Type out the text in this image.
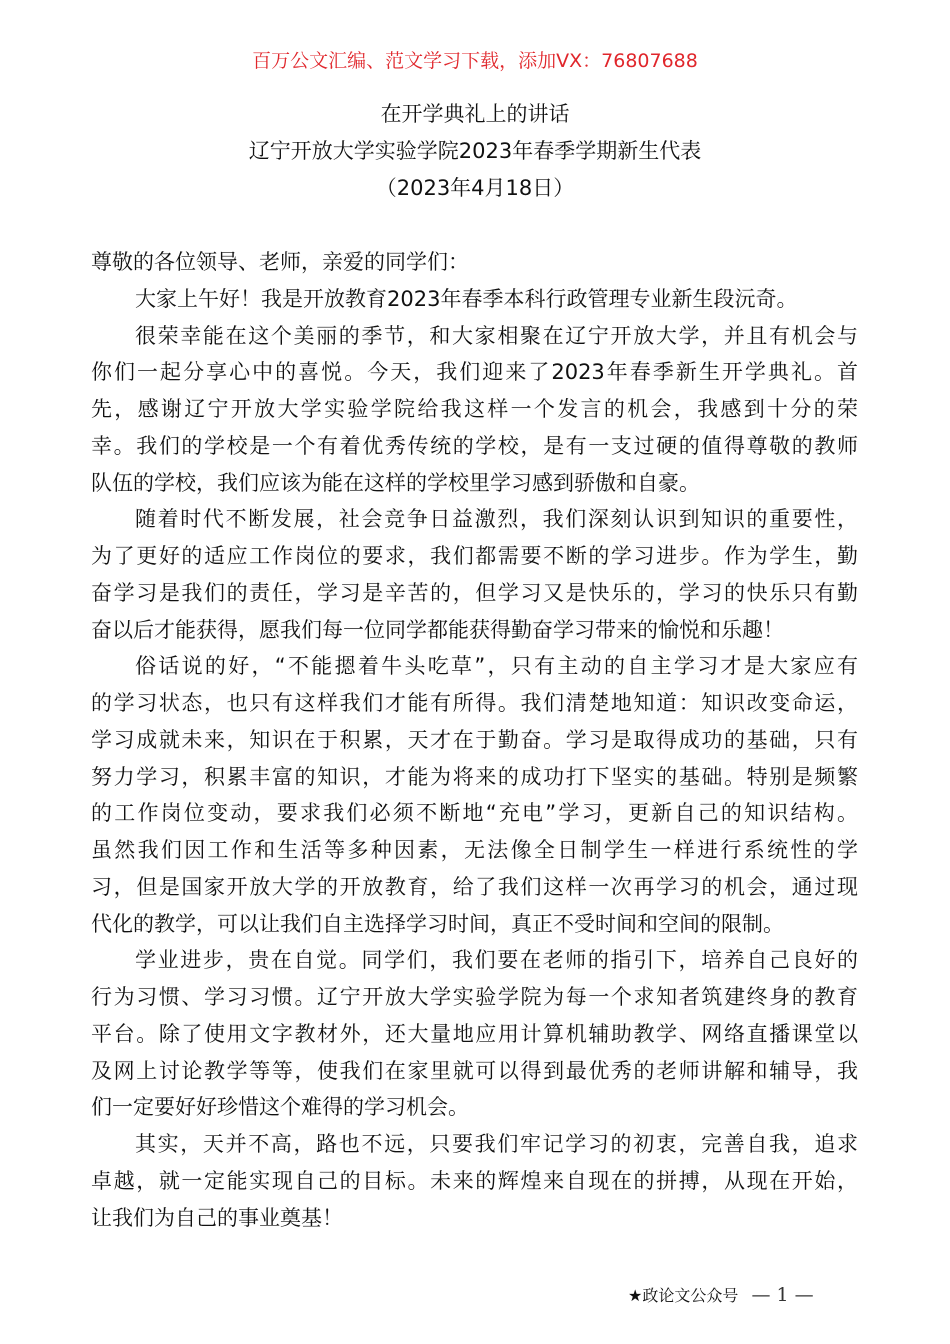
百万公文汇编、范文学习下载，添加VX：76807688
在开学典礼上的讲话
辽宁开放大学实验学院2023年春季学期新生代表
（2023年4月18日）
尊敬的各位领导、老师，亲爱的同学们：
大家上午好！我是开放教育2023年春季本科行政管理专业新生段沅奇。
很荣幸能在这个美丽的季节，和大家相聚在辽宁开放大学，并且有机会与
你们一起分享心中的喜悦。今天，我们迎来了2023年春季新生开学典礼。首
先，感谢辽宁开放大学实验学院给我这样一个发言的机会，我感到十分的荣
幸。我们的学校是一个有着优秀传统的学校，是有一支过硬的值得尊敬的教师
队伍的学校，我们应该为能在这样的学校里学习感到骄傲和自豪。
随着时代不断发展，社会竞争日益激烈，我们深刻认识到知识的重要性，
为了更好的适应工作岗位的要求，我们都需要不断的学习进步。作为学生，勤
奋学习是我们的责任，学习是辛苦的，但学习又是快乐的，学习的快乐只有勤
奋以后才能获得，愿我们每一位同学都能获得勤奋学习带来的愉悦和乐趣！
俗话说的好，“不能摁着牛头吃草”，只有主动的自主学习才是大家应有
的学习状态，也只有这样我们才能有所得。我们清楚地知道：知识改变命运，
学习成就未来，知识在于积累，天才在于勤奋。学习是取得成功的基础，只有
努力学习，积累丰富的知识，才能为将来的成功打下坚实的基础。特别是频繁
的工作岗位变动，要求我们必须不断地“充电”学习，更新自己的知识结构。
虽然我们因工作和生活等多种因素，无法像全日制学生一样进行系统性的学
习，但是国家开放大学的开放教育，给了我们这样一次再学习的机会，通过现
代化的教学，可以让我们自主选择学习时间，真正不受时间和空间的限制。
学业进步，贵在自觉。同学们，我们要在老师的指引下，培养自己良好的
行为习惯、学习习惯。辽宁开放大学实验学院为每一个求知者筑建终身的教育
平台。除了使用文字教材外，还大量地应用计算机辅助教学、网络直播课堂以
及网上讨论教学等等，使我们在家里就可以得到最优秀的老师讲解和辅导，我
们一定要好好珍惜这个难得的学习机会。
其实，天并不高，路也不远，只要我们牢记学习的初衷，完善自我，追求
卓越，就一定能实现自己的目标。未来的辉煌来自现在的拼搏，从现在开始，
让我们为自己的事业奠基！
★政论文公众号 — 1 —
